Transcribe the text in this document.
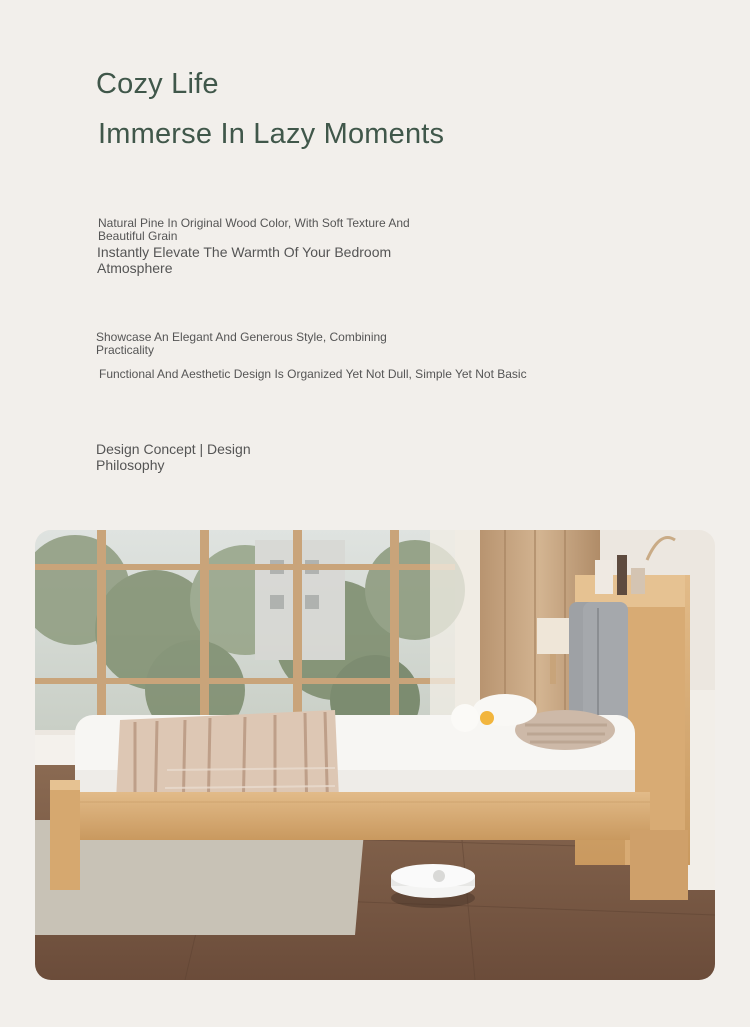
Cozy Life
Immerse In Lazy Moments
Natural Pine In Original Wood Color, With Soft Texture And Beautiful Grain
Instantly Elevate The Warmth Of Your Bedroom Atmosphere
Showcase An Elegant And Generous Style, Combining Practicality
Functional And Aesthetic Design Is Organized Yet Not Dull, Simple Yet Not Basic
Design Concept | Design Philosophy
